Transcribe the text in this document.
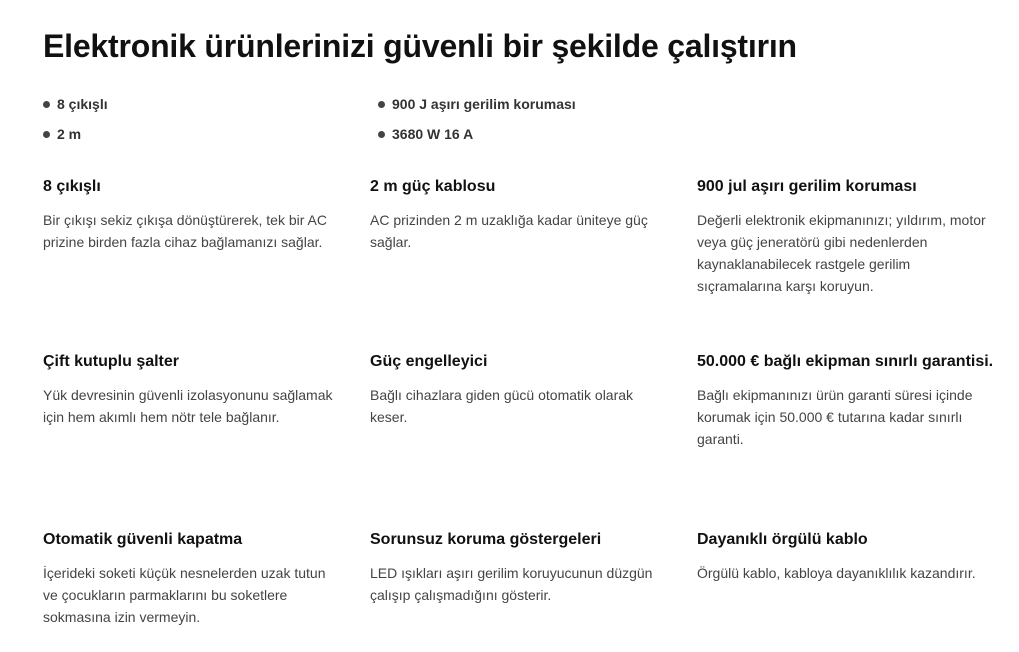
Elektronik ürünlerinizi güvenli bir şekilde çalıştırın
8 çıkışlı
2 m
900 J aşırı gerilim koruması
3680 W 16 A
8 çıkışlı

Bir çıkışı sekiz çıkışa dönüştürerek, tek bir AC prizine birden fazla cihaz bağlamanızı sağlar.

2 m güç kablosu

AC prizinden 2 m uzaklığa kadar üniteye güç sağlar.

900 jul aşırı gerilim koruması

Değerli elektronik ekipmanınızı; yıldırım, motor veya güç jeneratörü gibi nedenlerden kaynaklanabilecek rastgele gerilim sıçramalarına karşı koruyun.

Çift kutuplu şalter

Yük devresinin güvenli izolasyonunu sağlamak için hem akımlı hem nötr tele bağlanır.

Güç engelleyici

Bağlı cihazlara giden gücü otomatik olarak keser.

50.000 € bağlı ekipman sınırlı garantisi.

Bağlı ekipmanınızı ürün garanti süresi içinde korumak için 50.000 € tutarına kadar sınırlı garanti.

Otomatik güvenli kapatma

İçerideki soketi küçük nesnelerden uzak tutun ve çocukların parmaklarını bu soketlere sokmasına izin vermeyin.

Sorunsuz koruma göstergeleri

LED ışıkları aşırı gerilim koruyucunun düzgün çalışıp çalışmadığını gösterir.

Dayanıklı örgülü kablo

Örgülü kablo, kabloya dayanıklılık kazandırır.
